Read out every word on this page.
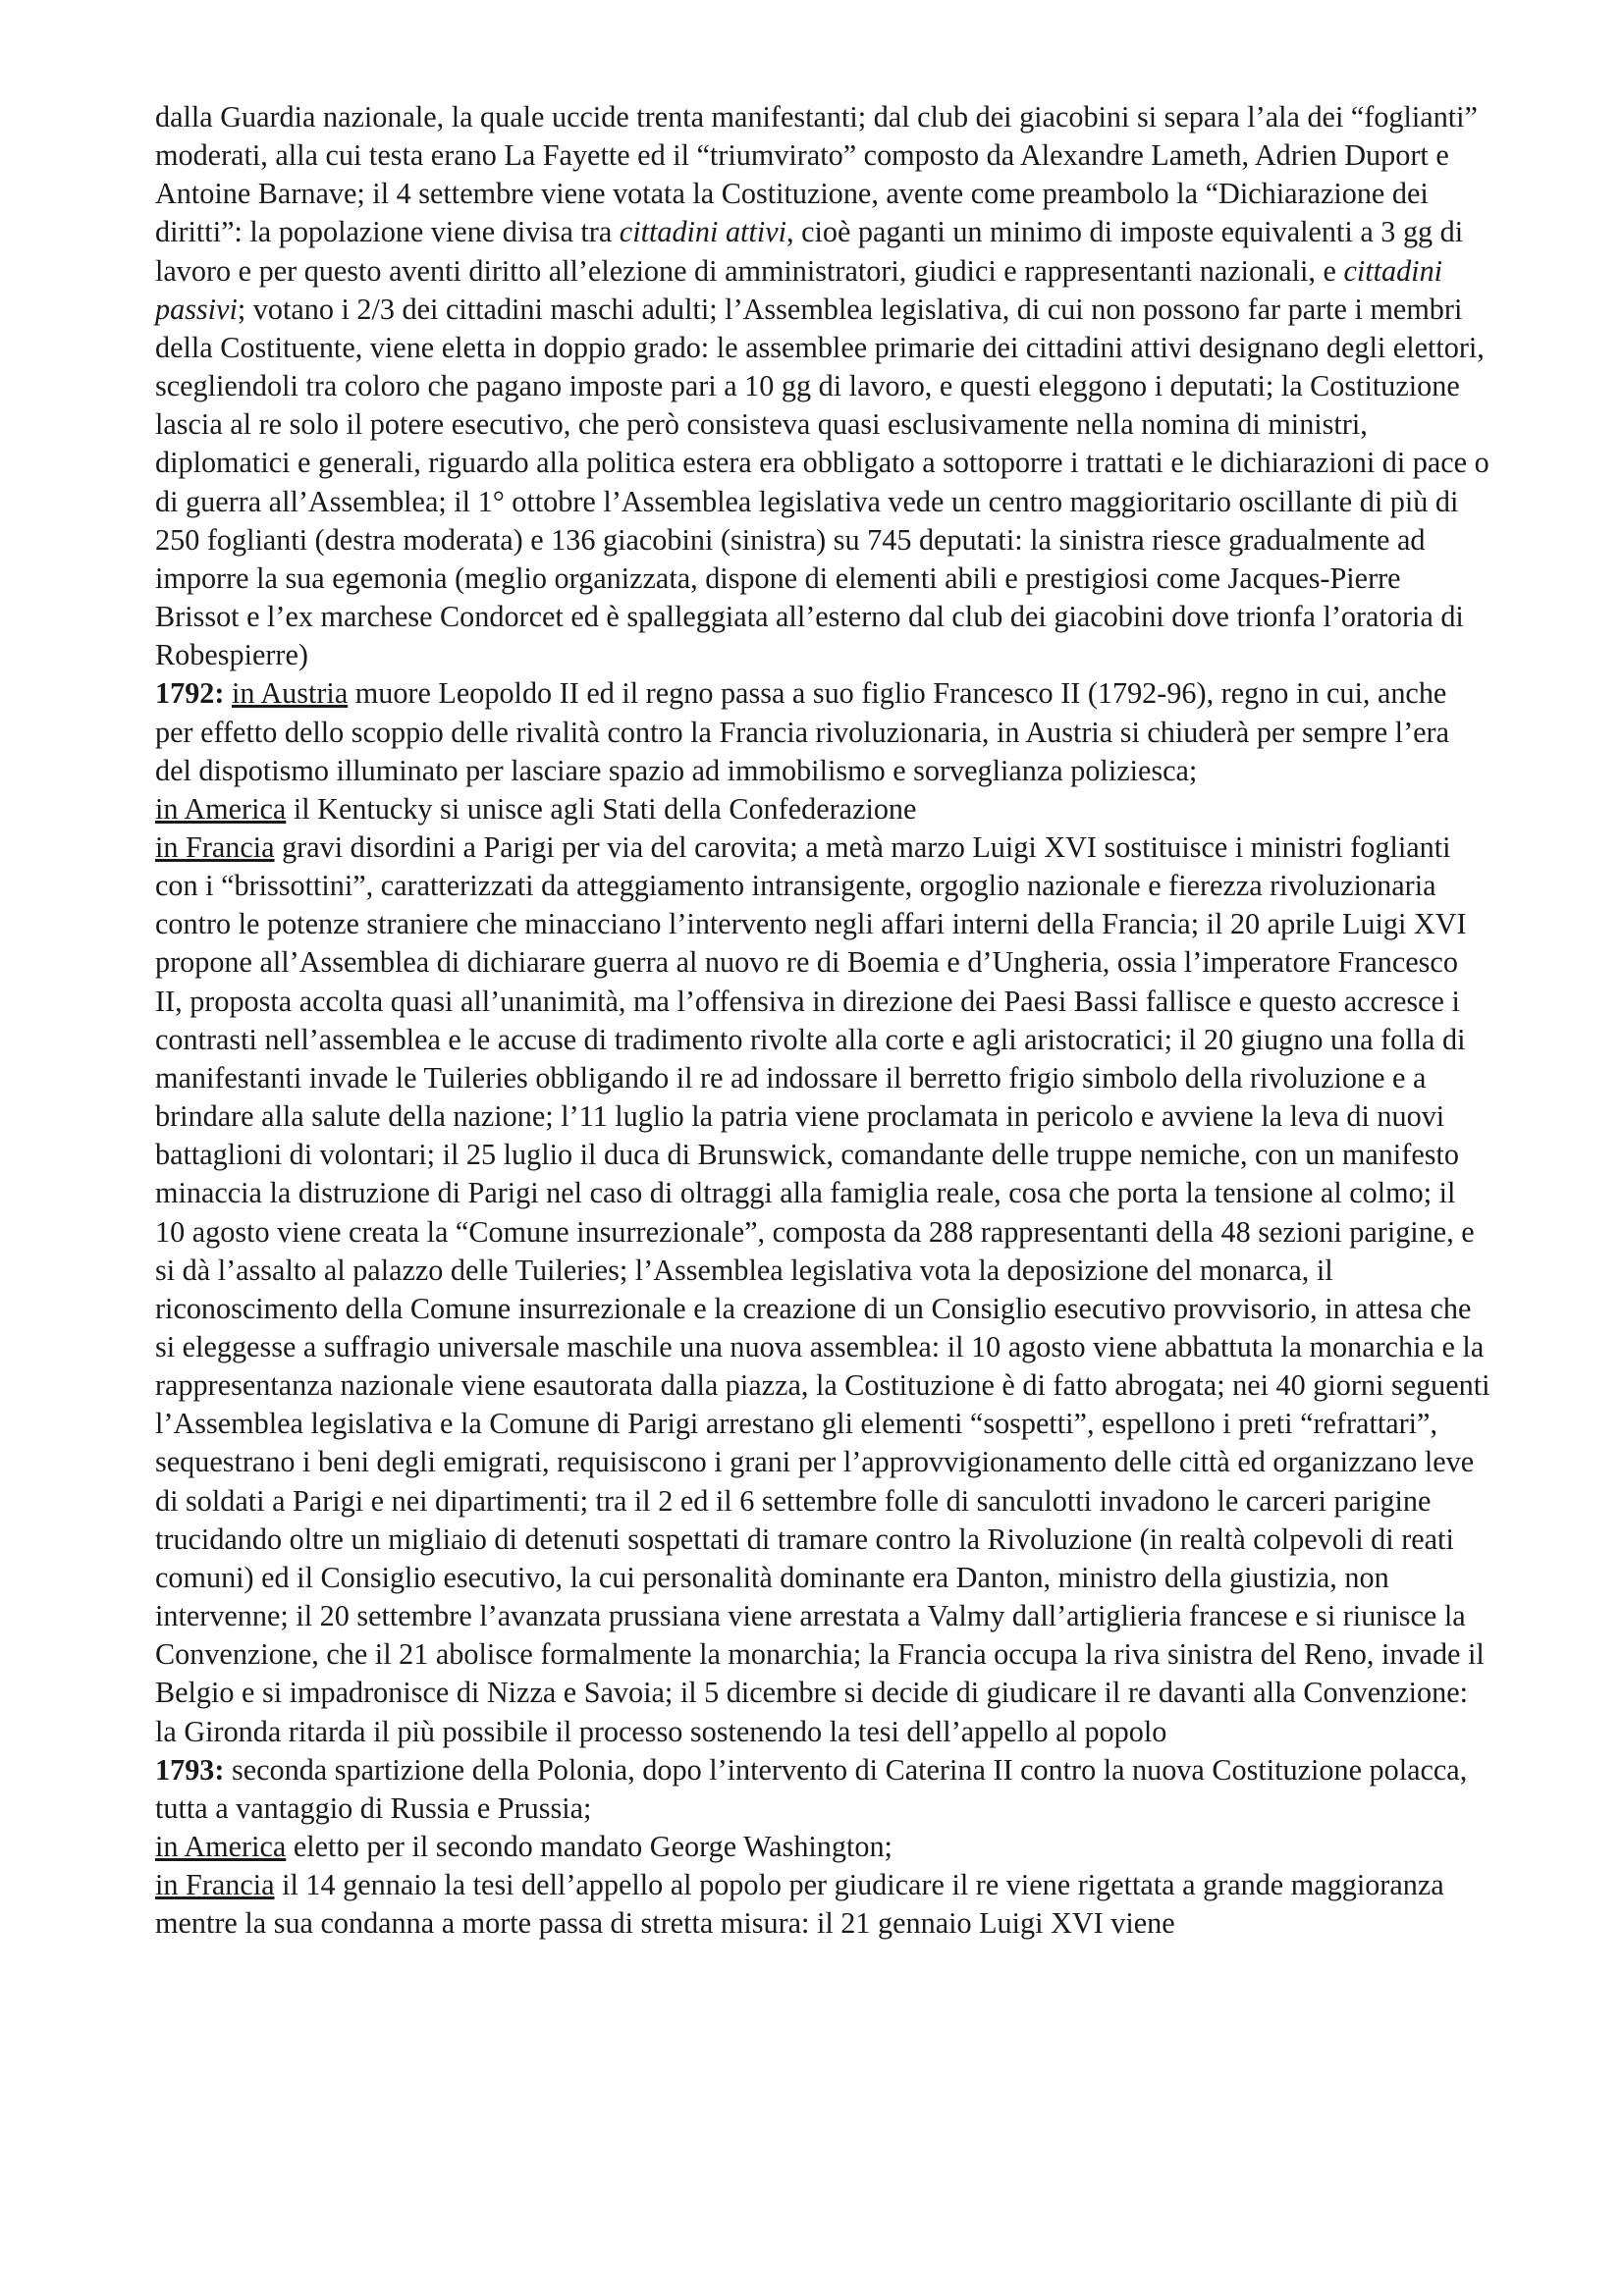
dalla Guardia nazionale, la quale uccide trenta manifestanti; dal club dei giacobini si separa l’ala dei “foglianti” moderati, alla cui testa erano La Fayette ed il “triumvirato” composto da Alexandre Lameth, Adrien Duport e Antoine Barnave; il 4 settembre viene votata la Costituzione, avente come preambolo la “Dichiarazione dei diritti”: la popolazione viene divisa tra cittadini attivi, cioè paganti un minimo di imposte equivalenti a 3 gg di lavoro e per questo aventi diritto all’elezione di amministratori, giudici e rappresentanti nazionali, e cittadini passivi; votano i 2/3 dei cittadini maschi adulti; l’Assemblea legislativa, di cui non possono far parte i membri della Costituente, viene eletta in doppio grado: le assemblee primarie dei cittadini attivi designano degli elettori, scegliendoli tra coloro che pagano imposte pari a 10 gg di lavoro, e questi eleggono i deputati; la Costituzione lascia al re solo il potere esecutivo, che però consisteva quasi esclusivamente nella nomina di ministri, diplomatici e generali, riguardo alla politica estera era obbligato a sottoporre i trattati e le dichiarazioni di pace o di guerra all’Assemblea; il 1° ottobre l’Assemblea legislativa vede un centro maggioritario oscillante di più di 250 foglianti (destra moderata) e 136 giacobini (sinistra) su 745 deputati: la sinistra riesce gradualmente ad imporre la sua egemonia (meglio organizzata, dispone di elementi abili e prestigiosi come Jacques-Pierre Brissot e l’ex marchese Condorcet ed è spalleggiata all’esterno dal club dei giacobini dove trionfa l’oratoria di Robespierre)

1792: in Austria muore Leopoldo II ed il regno passa a suo figlio Francesco II (1792-96), regno in cui, anche per effetto dello scoppio delle rivalità contro la Francia rivoluzionaria, in Austria si chiuderà per sempre l’era del dispotismo illuminato per lasciare spazio ad immobilismo e sorveglianza poliziesca;

in America il Kentucky si unisce agli Stati della Confederazione

in Francia gravi disordini a Parigi per via del carovita; a metà marzo Luigi XVI sostituisce i ministri foglianti con i “brissottini”, caratterizzati da atteggiamento intransigente, orgoglio nazionale e fierezza rivoluzionaria contro le potenze straniere che minacciano l’intervento negli affari interni della Francia; il 20 aprile Luigi XVI propone all’Assemblea di dichiarare guerra al nuovo re di Boemia e d’Ungheria, ossia l’imperatore Francesco II, proposta accolta quasi all’unanimità, ma l’offensiva in direzione dei Paesi Bassi fallisce e questo accresce i contrasti nell’assemblea e le accuse di tradimento rivolte alla corte e agli aristocratici; il 20 giugno una folla di manifestanti invade le Tuileries obbligando il re ad indossare il berretto frigio simbolo della rivoluzione e a brindare alla salute della nazione; l’11 luglio la patria viene proclamata in pericolo e avviene la leva di nuovi battaglioni di volontari; il 25 luglio il duca di Brunswick, comandante delle truppe nemiche, con un manifesto minaccia la distruzione di Parigi nel caso di oltraggi alla famiglia reale, cosa che porta la tensione al colmo; il 10 agosto viene creata la “Comune insurrezionale”, composta da 288 rappresentanti della 48 sezioni parigine, e si dà l’assalto al palazzo delle Tuileries; l’Assemblea legislativa vota la deposizione del monarca, il riconoscimento della Comune insurrezionale e la creazione di un Consiglio esecutivo provvisorio, in attesa che si eleggesse a suffragio universale maschile una nuova assemblea: il 10 agosto viene abbattuta la monarchia e la rappresentanza nazionale viene esautorata dalla piazza, la Costituzione è di fatto abrogata; nei 40 giorni seguenti l’Assemblea legislativa e la Comune di Parigi arrestano gli elementi “sospetti”, espellono i preti “refrattari”, sequestrano i beni degli emigrati, requisiscono i grani per l’approvvigionamento delle città ed organizzano leve di soldati a Parigi e nei dipartimenti; tra il 2 ed il 6 settembre folle di sanculotti invadono le carceri parigine trucidando oltre un migliaio di detenuti sospettati di tramare contro la Rivoluzione (in realtà colpevoli di reati comuni) ed il Consiglio esecutivo, la cui personalità dominante era Danton, ministro della giustizia, non intervenne; il 20 settembre l’avanzata prussiana viene arrestata a Valmy dall’artiglieria francese e si riunisce la Convenzione, che il 21 abolisce formalmente la monarchia; la Francia occupa la riva sinistra del Reno, invade il Belgio e si impadronisce di Nizza e Savoia; il 5 dicembre si decide di giudicare il re davanti alla Convenzione: la Gironda ritarda il più possibile il processo sostenendo la tesi dell’appello al popolo

1793: seconda spartizione della Polonia, dopo l’intervento di Caterina II contro la nuova Costituzione polacca, tutta a vantaggio di Russia e Prussia;

in America eletto per il secondo mandato George Washington;

in Francia il 14 gennaio la tesi dell’appello al popolo per giudicare il re viene rigettata a grande maggioranza mentre la sua condanna a morte passa di stretta misura: il 21 gennaio Luigi XVI viene
